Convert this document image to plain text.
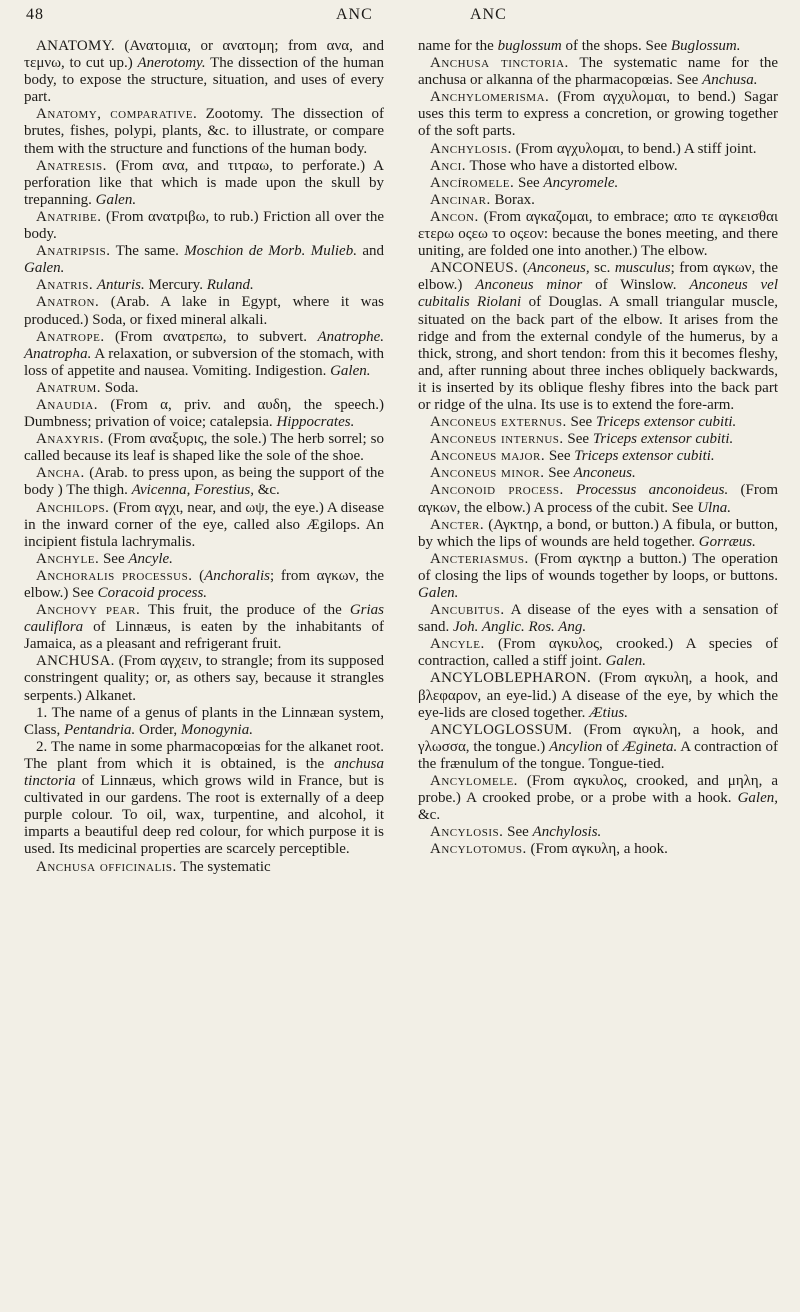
48	ANC	ANC

ANATOMY. (Ανατομια, or ανατομη; from ανα, and τεμνω, to cut up.) Anerotomy. The dissection of the human body, to expose the structure, situation, and uses of every part.

Anatomy, comparative. Zootomy. The dissection of brutes, fishes, polypi, plants, &c. to illustrate, or compare them with the structure and functions of the human body.

Anatresis. (From ανα, and τιτραω, to perforate.) A perforation like that which is made upon the skull by trepanning. Galen.

Anatribe. (From ανατριβω, to rub.) Friction all over the body.

Anatripsis. The same. Moschion de Morb. Mulieb. and Galen.

Anatris. Anturis. Mercury. Ruland.

Anatron. (Arab. A lake in Egypt, where it was produced.) Soda, or fixed mineral alkali.

Anatrope. (From ανατρεπω, to subvert. Anatrophe. Anatropha. A relaxation, or subversion of the stomach, with loss of appetite and nausea. Vomiting. Indigestion. Galen.

Anatrum. Soda.

Anaudia. (From α, priv. and αυδη, the speech.) Dumbness; privation of voice; catalepsia. Hippocrates.

Anaxyris. (From αναξυρις, the sole.) The herb sorrel; so called because its leaf is shaped like the sole of the shoe.

Ancha. (Arab. to press upon, as being the support of the body ) The thigh. Avicenna, Forestius, &c.

Anchilops. (From αγχι, near, and ωψ, the eye.) A disease in the inward corner of the eye, called also Ægilops. An incipient fistula lachrymalis.

Anchyle. See Ancyle.

Anchoralis processus. (Anchoralis; from αγκων, the elbow.) See Coracoid process.

Anchovy pear. This fruit, the produce of the Grias cauliflora of Linnæus, is eaten by the inhabitants of Jamaica, as a pleasant and refrigerant fruit.

ANCHUSA. (From αγχειν, to strangle; from its supposed constringent quality; or, as others say, because it strangles serpents.) Alkanet.

1. The name of a genus of plants in the Linnæan system, Class, Pentandria. Order, Monogynia.

2. The name in some pharmacopœias for the alkanet root. The plant from which it is obtained, is the anchusa tinctoria of Linnæus, which grows wild in France, but is cultivated in our gardens. The root is externally of a deep purple colour. To oil, wax, turpentine, and alcohol, it imparts a beautiful deep red colour, for which purpose it is used. Its medicinal properties are scarcely perceptible.

Anchusa officinalis. The systematic

name for the buglossum of the shops. See Buglossum.

Anchusa tinctoria. The systematic name for the anchusa or alkanna of the pharmacopœias. See Anchusa.

Anchylomerisma. (From αγχυλομαι, to bend.) Sagar uses this term to express a concretion, or growing together of the soft parts.

Anchylosis. (From αγχυλομαι, to bend.) A stiff joint.

Anci. Those who have a distorted elbow.

Ancíromele. See Ancyromele.

Ancinar. Borax.

Ancon. (From αγκαζομαι, to embrace; απο τε αγκεισθαι ετερω οςεω το οςεον: because the bones meeting, and there uniting, are folded one into another.) The elbow.

ANCONEUS. (Anconeus, sc. musculus; from αγκων, the elbow.) Anconeus minor of Winslow. Anconeus vel cubitalis Riolani of Douglas. A small triangular muscle, situated on the back part of the elbow. It arises from the ridge and from the external condyle of the humerus, by a thick, strong, and short tendon: from this it becomes fleshy, and, after running about three inches obliquely backwards, it is inserted by its oblique fleshy fibres into the back part or ridge of the ulna. Its use is to extend the fore-arm.

Anconeus externus. See Triceps extensor cubiti.

Anconeus internus. See Triceps extensor cubiti.

Anconeus major. See Triceps extensor cubiti.

Anconeus minor. See Anconeus.

Anconoid process. Processus anconoideus. (From αγκων, the elbow.) A process of the cubit. See Ulna.

Ancter. (Αγκτηρ, a bond, or button.) A fibula, or button, by which the lips of wounds are held together. Gorræus.

Ancteriasmus. (From αγκτηρ a button.) The operation of closing the lips of wounds together by loops, or buttons. Galen.

Ancubitus. A disease of the eyes with a sensation of sand. Joh. Anglic. Ros. Ang.

Ancyle. (From αγκυλος, crooked.) A species of contraction, called a stiff joint. Galen.

ANCYLOBLEPHARON. (From αγκυλη, a hook, and βλεφαρον, an eye-lid.) A disease of the eye, by which the eye-lids are closed together. Ætius.

ANCYLOGLOSSUM. (From αγκυλη, a hook, and γλωσσα, the tongue.) Ancylion of Ægineta. A contraction of the frænulum of the tongue. Tongue-tied.

Ancylomele. (From αγκυλος, crooked, and μηλη, a probe.) A crooked probe, or a probe with a hook. Galen, &c.

Ancylosis. See Anchylosis.

Ancylotomus. (From αγκυλη, a hook.
